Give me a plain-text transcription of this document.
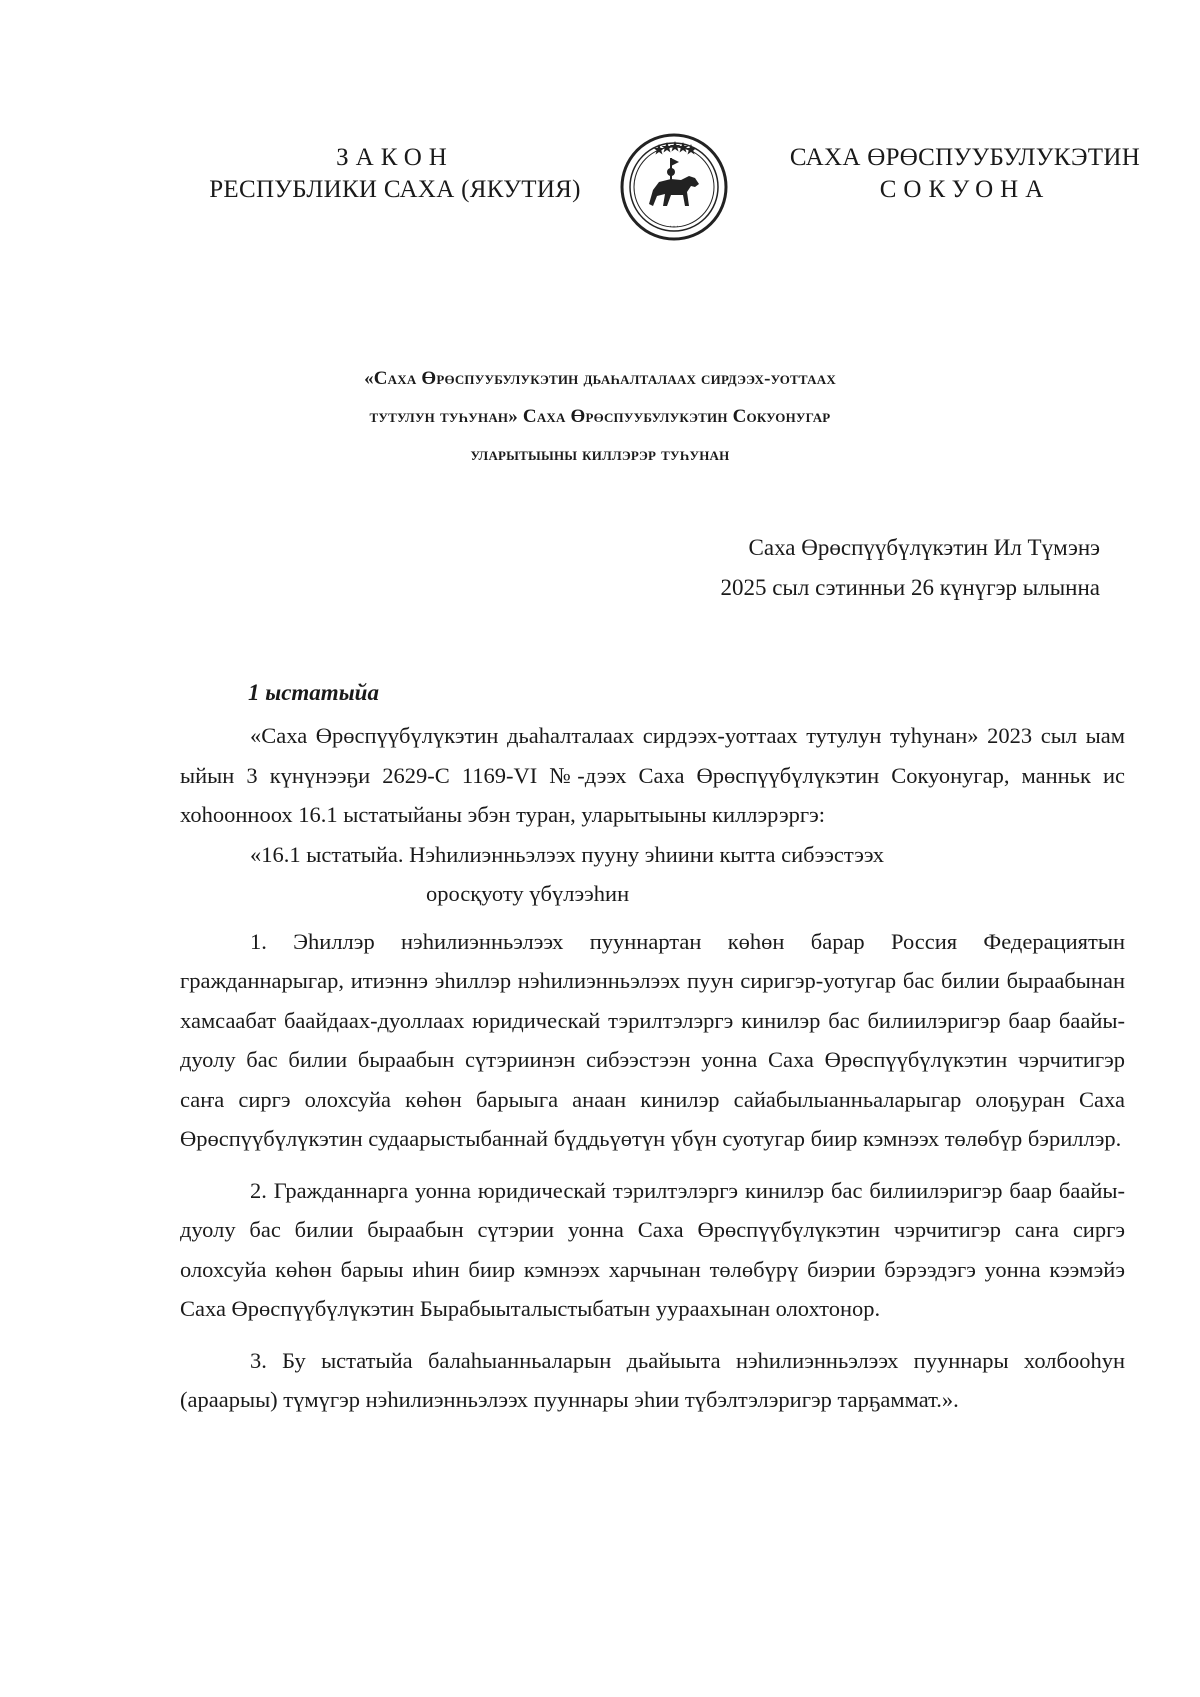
ЗАКОН
РЕСПУБЛИКИ САХА (ЯКУТИЯ)
· · ·
САХА ӨРӨСПУУБУЛУКЭТИН
СОКУОНА
«Саха Өрөспуубулукэтин дьаһалталаах сирдээх-уоттаах
тутулун туһунан» Саха Өрөспуубулукэтин Сокуонугар
уларытыыны киллэрэр туһунан
Саха Өрөспүүбүлүкэтин Ил Түмэнэ
2025 сыл сэтинньи 26 күнүгэр ылынна
1 ыстатыйа

«Саха Өрөспүүбүлүкэтин дьаһалталаах сирдээх-уоттаах тутулун туһунан» 2023 сыл ыам ыйын 3 күнүнээҕи 2629-С 1169-VI №-дээх Саха Өрөспүүбүлүкэтин Сокуонугар, манньк ис хоһоонноох 16.1 ыстатыйаны эбэн туран, уларытыыны киллэрэргэ:

«16.1 ыстатыйа. Нэһилиэнньэлээх пууну эһиини кытта сибээстээх
оросқуоту үбүлээһин

1. Эһиллэр нэһилиэнньэлээх пууннартан көһөн барар Россия Федерациятын гражданнарыгар, итиэннэ эһиллэр нэһилиэнньэлээх пуун сиригэр-уотугар бас билии быраабынан хамсаабат баайдаах-дуоллаах юридическай тэрилтэлэргэ кинилэр бас билиилэригэр баар баайы-дуолу бас билии быраабын сүтэриинэн сибээстээн уонна Саха Өрөспүүбүлүкэтин чэрчитигэр саҥа сиргэ олохсуйа көһөн барыыга анаан кинилэр сайабылыанньаларыгар олоҕуран Саха Өрөспүүбүлүкэтин судаарыстыбаннай бүддьүөтүн үбүн суотугар биир кэмнээх төлөбүр бэриллэр.

2. Гражданнарга уонна юридическай тэрилтэлэргэ кинилэр бас билиилэригэр баар баайы-дуолу бас билии быраабын сүтэрии уонна Саха Өрөспүүбүлүкэтин чэрчитигэр саҥа сиргэ олохсуйа көһөн барыы иһин биир кэмнээх харчынан төлөбүрү биэрии бэрээдэгэ уонна кээмэйэ Саха Өрөспүүбүлүкэтин Бырабыыталыстыбатын уураахынан олохтонор.

3. Бу ыстатыйа балаһыанньаларын дьайыыта нэһилиэнньэлээх пууннары холбооһун (араарыы) түмүгэр нэһилиэнньэлээх пууннары эһии түбэлтэлэригэр тарҕаммат.».
